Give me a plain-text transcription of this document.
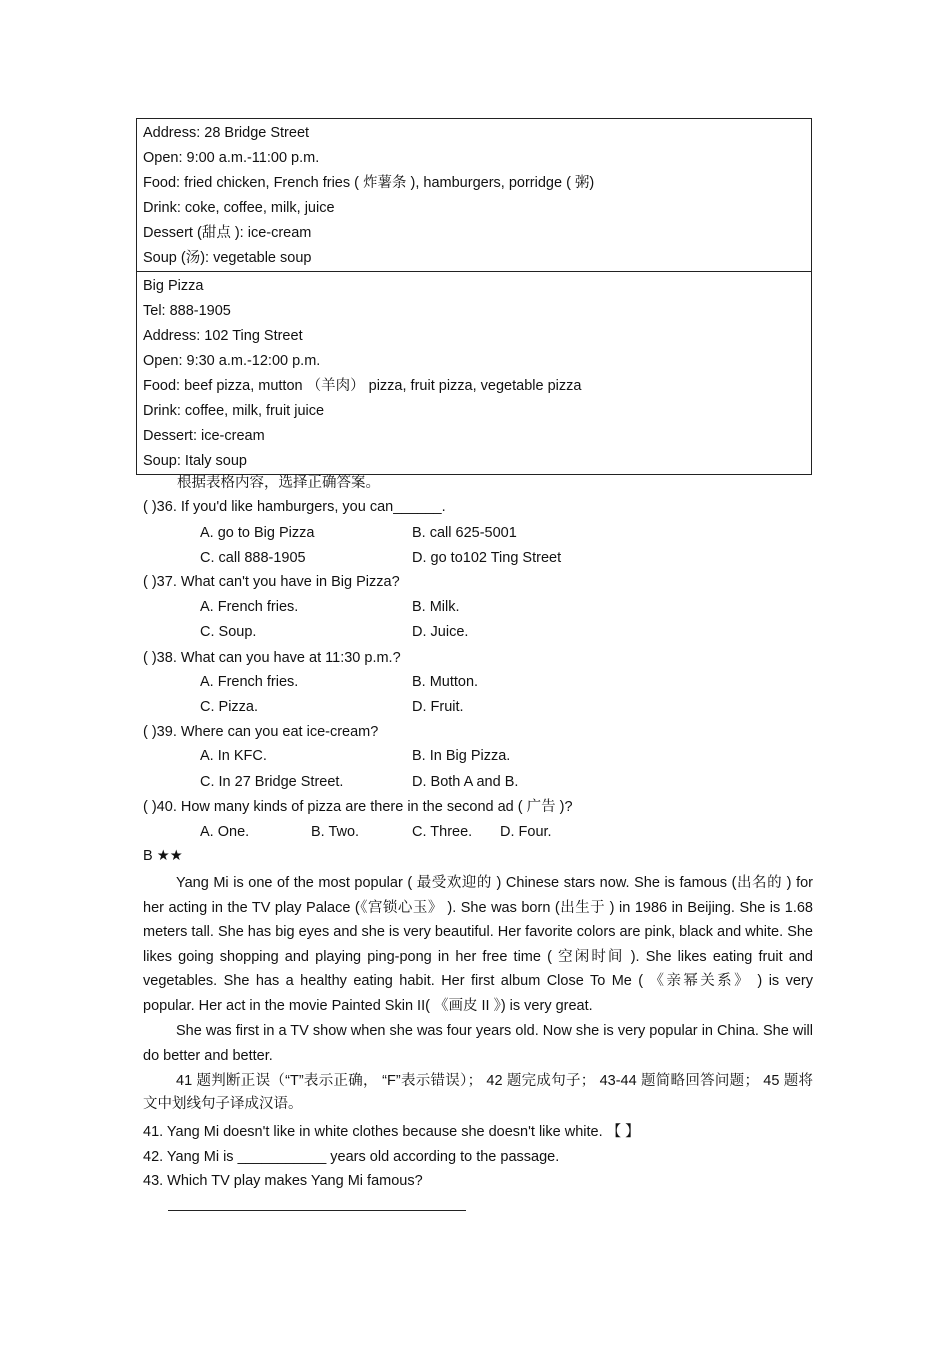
Address: 28 Bridge Street
Open: 9:00 a.m.-11:00 p.m.
Food: fried chicken, French fries ( 炸薯条 ), hamburgers, porridge ( 粥)
Drink: coke, coffee, milk, juice
Dessert (甜点 ): ice-cream
Soup (汤): vegetable soup
Big Pizza
Tel: 888-1905
Address: 102 Ting Street
Open: 9:30 a.m.-12:00 p.m.
Food: beef pizza, mutton （羊肉） pizza, fruit pizza, vegetable pizza
Drink: coffee, milk, fruit juice
Dessert: ice-cream
Soup: Italy soup
根据表格内容，选择正确答案。
( )36. If you'd like hamburgers, you can______.
A. go to Big Pizza	B. call 625-5001
C. call 888-1905	D. go to102 Ting Street
( )37. What can't you have in Big Pizza?
A. French fries.	B. Milk.
C. Soup.	D. Juice.
( )38. What can you have at 11:30 p.m.?
A. French fries.	B. Mutton.
C. Pizza.	D. Fruit.
( )39. Where can you eat ice-cream?
A. In KFC.	B. In Big Pizza.
C. In 27 Bridge Street.	D. Both A and B.
( )40. How many kinds of pizza are there in the second ad ( 广告 )?
A. One.	B. Two.	C. Three. D. Four.
B ★★
Yang Mi is one of the most popular ( 最受欢迎的 ) Chinese stars now. She is famous (出名的 ) for her acting in the TV play Palace (《宫锁心玉》 ). She was born (出生于 ) in 1986 in Beijing. She is 1.68 meters tall. She has big eyes and she is very beautiful. Her favorite colors are pink, black and white. She likes going shopping and playing ping-pong in her free time ( 空闲时间 ). She likes eating fruit and vegetables. She has a healthy eating habit. Her first album Close To Me ( 《亲幂关系》 ) is very popular. Her act in the movie Painted Skin II( 《画皮 II 》) is very great.
She was first in a TV show when she was four years old. Now she is very popular in China. She will do better and better.
41 题判断正误（“T”表示正确， “F”表示错误）； 42 题完成句子； 43-44 题简略回答问题； 45 题将文中划线句子译成汉语。
41. Yang Mi doesn't like in white clothes because she doesn't like white. 【 】
42. Yang Mi is ___________ years old according to the passage.
43. Which TV play makes Yang Mi famous?
